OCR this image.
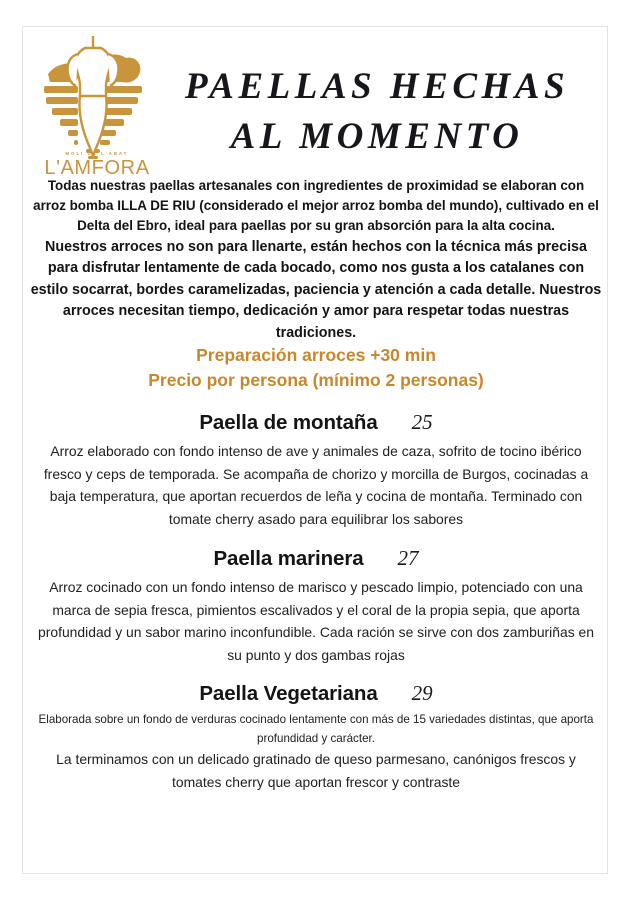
MOLI DE L'ABAT
L'AMFORA
PAELLAS HECHAS
AL MOMENTO

Todas nuestras paellas artesanales con ingredientes de proximidad se elaboran con arroz bomba ILLA DE RIU (considerado el mejor arroz bomba del mundo), cultivado en el Delta del Ebro, ideal para paellas por su gran absorción para la alta cocina.

Nuestros arroces no son para llenarte, están hechos con la técnica más precisa para disfrutar lentamente de cada bocado, como nos gusta a los catalanes con estilo socarrat, bordes caramelizadas, paciencia y atención a cada detalle. Nuestros arroces necesitan tiempo, dedicación y amor para respetar todas nuestras tradiciones.

Preparación arroces +30 min

Precio por persona (mínimo 2 personas)

Paella de montaña 25

Arroz elaborado con fondo intenso de ave y animales de caza, sofrito de tocino ibérico fresco y ceps de temporada. Se acompaña de chorizo y morcilla de Burgos, cocinadas a baja temperatura, que aportan recuerdos de leña y cocina de montaña. Terminado con tomate cherry asado para equilibrar los sabores

Paella marinera 27

Arroz cocinado con un fondo intenso de marisco y pescado limpio, potenciado con una marca de sepia fresca, pimientos escalivados y el coral de la propia sepia, que aporta profundidad y un sabor marino inconfundible. Cada ración se sirve con dos zamburiñas en su punto y dos gambas rojas

Paella Vegetariana 29

Elaborada sobre un fondo de verduras cocinado lentamente con más de 15 variedades distintas, que aporta profundidad y carácter.

La terminamos con un delicado gratinado de queso parmesano, canónigos frescos y tomates cherry que aportan frescor y contraste
